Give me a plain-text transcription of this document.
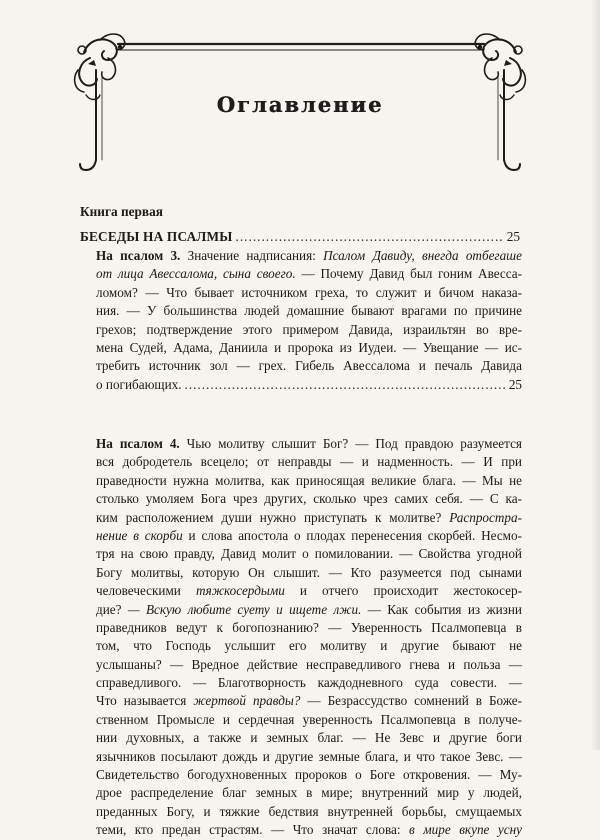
Оглавление
Книга первая
БЕСЕДЫ НА ПСАЛМЫ .....	25
На псалом 3. Значение надписания: Псалом Давиду, внегда отбегаше
от лица Авессалома, сына своего. — Почему Давид был гоним Авесса-
ломом? — Что бывает источником греха, то служит и бичом наказа-
ния. — У большинства людей домашние бывают врагами по причине
грехов; подтверждение этого примером Давида, израильтян во вре-
мена Судей, Адама, Даниила и пророка из Иудеи. — Увещание — ис-
требить источник зол — грех. Гибель Авессалома и печаль Давида
о погибающих. .....	25
На псалом 4. Чью молитву слышит Бог? — Под правдою разумеется
вся добродетель всецело; от неправды — и надменность. — И при
праведности нужна молитва, как приносящая великие блага. — Мы не
столько умоляем Бога чрез других, сколько чрез самих себя. — С ка-
ким расположением души нужно приступать к молитве? Распростра-
нение в скорби и слова апостола о плодах перенесения скорбей. Несмо-
тря на свою правду, Давид молит о помиловании. — Свойства угодной
Богу молитвы, которую Он слышит. — Кто разумеется под сынами
человеческими тяжкосердыми и отчего происходит жестокосер-
дие? — Вскую любите суету и ищете лжи. — Как события из жизни
праведников ведут к богопознанию? — Уверенность Псалмопевца в
том, что Господь услышит его молитву и другие бывают не
услышаны? — Вредное действие несправедливого гнева и польза —
справедливого. — Благотворность каждодневного суда совести. —
Что называется жертвой правды? — Безрассудство сомнений в Боже-
ственном Промысле и сердечная уверенность Псалмопевца в получе-
нии духовных, а также и земных благ. — Не Зевс и другие боги
язычников посылают дождь и другие земные блага, и что такое Зевс. —
Свидетельство богодухновенных пророков о Боге откровения. — Му-
дрое распределение благ земных в мире; внутренний мир у людей,
преданных Богу, и тяжкие бедствия внутренней борьбы, смущаемых
теми, кто предан страстям. — Что значат слова: в мире вкупе усну
